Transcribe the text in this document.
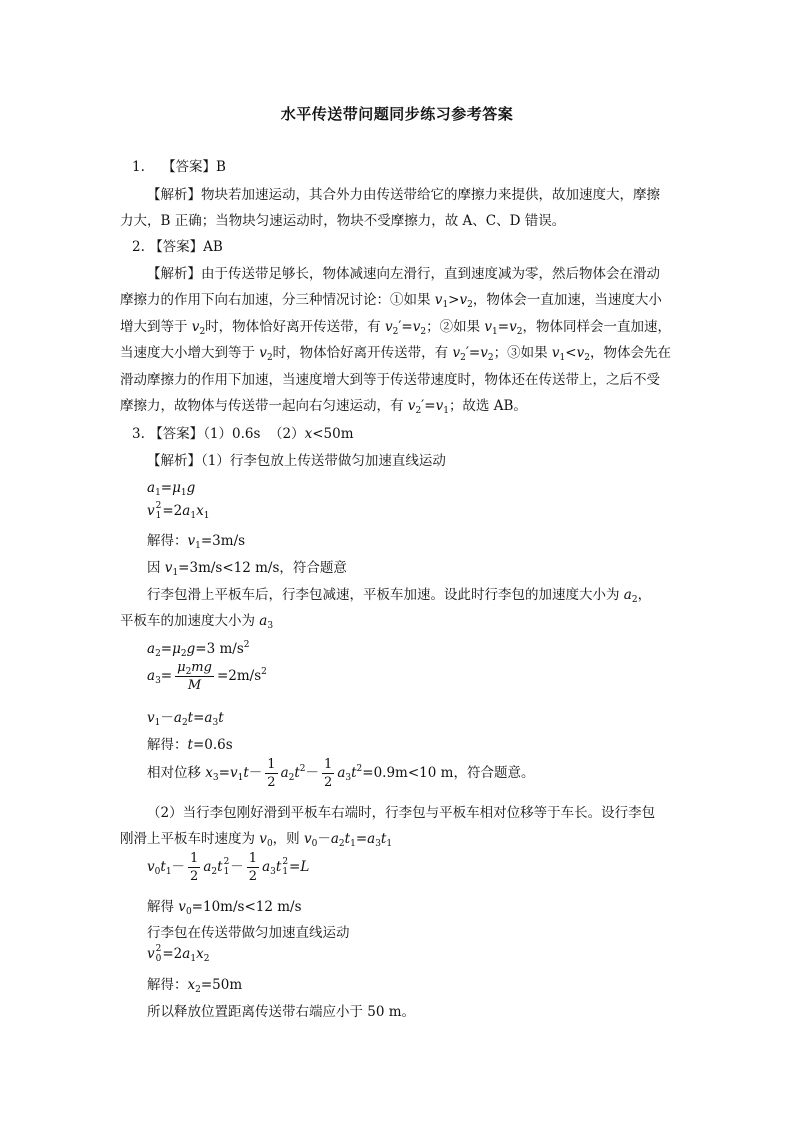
水平传送带问题同步练习参考答案
1. 【答案】B
【解析】物块若加速运动，其合外力由传送带给它的摩擦力来提供，故加速度大，摩擦
力大，B 正确；当物块匀速运动时，物块不受摩擦力，故 A、C、D 错误。
2. 【答案】AB
【解析】由于传送带足够长，物体减速向左滑行，直到速度减为零，然后物体会在滑动
摩擦力的作用下向右加速，分三种情况讨论：①如果 $v_1>v_2$，物体会一直加速，当速度大小
增大到等于 $v_2$时，物体恰好离开传送带，有 $v_2'=v_2$；②如果 $v_1=v_2$，物体同样会一直加速，
当速度大小增大到等于 $v_2$时，物体恰好离开传送带，有 $v_2'=v_2$；③如果 $v_1<v_2$，物体会先在
滑动摩擦力的作用下加速，当速度增大到等于传送带速度时，物体还在传送带上，之后不受
摩擦力，故物体与传送带一起向右匀速运动，有 $v_2'=v_1$；故选 AB。
3. 【答案】（1）0.6s （2）x<50m
【解析】（1）行李包放上传送带做匀加速直线运动
$a_1=\mu_1g$
v 2
$1 =2a_1x_1$
解得：$v_1=3m/s$
因 $v_1=3m/s<12$ m/s，符合题意
行李包滑上平板车后，行李包减速，平板车加速。设此时行李包的加速度大小为 $a_2$，
平板车的加速度大小为 $a_3$
$a_2=\mu_2g=3$ $m/s^2$
$a_3= \frac{\mu_2mg}{M} =2m/s^2$
$v_1-a_2t=a_3t$
解得：t=0.6s
相对位移 $x_3=v_1t- \frac{1}{2} a_2t^2- \frac{1}{2} a_3t^2=0.9m<10$ m，符合题意。
（2）当行李包刚好滑到平板车右端时，行李包与平板车相对位移等于车长。设行李包
刚滑上平板车时速度为 $v_0$，则 $v_0-a_2t_1=a_3t_1$
$v_0t_1- \frac{1}{2} a_2t$ 2
$1 - \frac{1}{2} a_3t$ 2
1 =L
解得 $v_0=10m/s<12$ m/s
行李包在传送带做匀加速直线运动
v 2
$0 =2a_1x_2$
解得：$x_2=50m$
所以释放位置距离传送带右端应小于 50 m。
